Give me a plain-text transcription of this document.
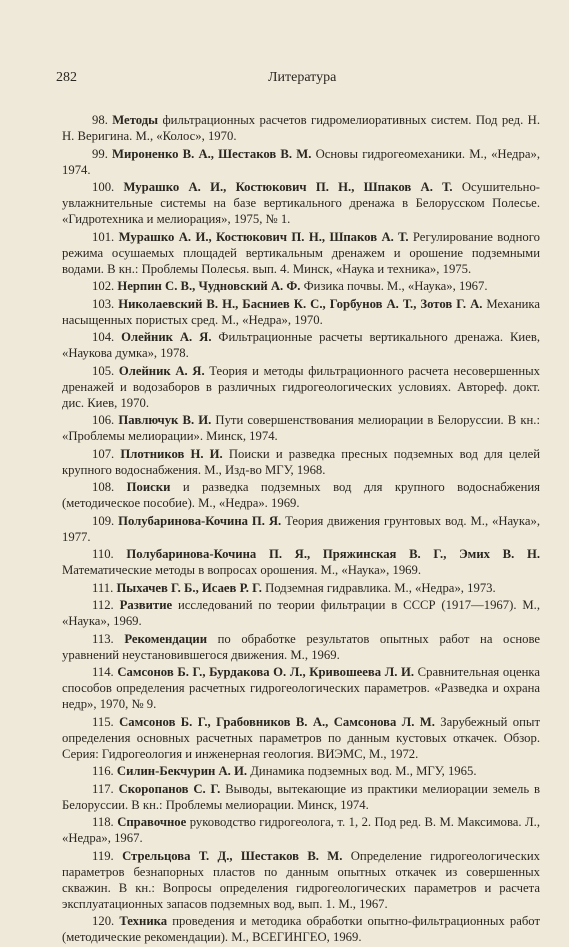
282	Литература

98. Методы фильтрационных расчетов гидромелиоративных систем. Под ред. Н. Н. Веригина. М., «Колос», 1970.

99. Мироненко В. А., Шестаков В. М. Основы гидрогеомеханики. М., «Недра», 1974.

100. Мурашко А. И., Костюкович П. Н., Шпаков А. Т. Осушительно-увлажнительные системы на базе вертикального дренажа в Белорусском Полесье. «Гидротехника и мелиорация», 1975, № 1.

101. Мурашко А. И., Костюкович П. Н., Шпаков А. Т. Регулирование водного режима осушаемых площадей вертикальным дренажем и орошение подземными водами. В кн.: Проблемы Полесья. вып. 4. Минск, «Наука и техника», 1975.

102. Нерпин С. В., Чудновский А. Ф. Физика почвы. М., «Наука», 1967.

103. Николаевский В. Н., Басниев К. С., Горбунов А. Т., Зотов Г. А. Механика насыщенных пористых сред. М., «Недра», 1970.

104. Олейник А. Я. Фильтрационные расчеты вертикального дренажа. Киев, «Наукова думка», 1978.

105. Олейник А. Я. Теория и методы фильтрационного расчета несовершенных дренажей и водозаборов в различных гидрогеологических условиях. Автореф. докт. дис. Киев, 1970.

106. Павлючук В. И. Пути совершенствования мелиорации в Белоруссии. В кн.: «Проблемы мелиорации». Минск, 1974.

107. Плотников Н. И. Поиски и разведка пресных подземных вод для целей крупного водоснабжения. М., Изд-во МГУ, 1968.

108. Поиски и разведка подземных вод для крупного водоснабжения (методическое пособие). М., «Недра». 1969.

109. Полубаринова-Кочина П. Я. Теория движения грунтовых вод. М., «Наука», 1977.

110. Полубаринова-Кочина П. Я., Пряжинская В. Г., Эмих В. Н. Математические методы в вопросах орошения. М., «Наука», 1969.

111. Пыхачев Г. Б., Исаев Р. Г. Подземная гидравлика. М., «Недра», 1973.

112. Развитие исследований по теории фильтрации в СССР (1917—1967). М., «Наука», 1969.

113. Рекомендации по обработке результатов опытных работ на основе уравнений неустановившегося движения. М., 1969.

114. Самсонов Б. Г., Бурдакова О. Л., Кривошеева Л. И. Сравнительная оценка способов определения расчетных гидрогеологических параметров. «Разведка и охрана недр», 1970, № 9.

115. Самсонов Б. Г., Грабовников В. А., Самсонова Л. М. Зарубежный опыт определения основных расчетных параметров по данным кустовых откачек. Обзор. Серия: Гидрогеология и инженерная геология. ВИЭМС, М., 1972.

116. Силин-Бекчурин А. И. Динамика подземных вод. М., МГУ, 1965.

117. Скоропанов С. Г. Выводы, вытекающие из практики мелиорации земель в Белоруссии. В кн.: Проблемы мелиорации. Минск, 1974.

118. Справочное руководство гидрогеолога, т. 1, 2. Под ред. В. М. Максимова. Л., «Недра», 1967.

119. Стрельцова Т. Д., Шестаков В. М. Определение гидрогеологических параметров безнапорных пластов по данным опытных откачек из совершенных скважин. В кн.: Вопросы определения гидрогеологических параметров и расчета эксплуатационных запасов подземных вод, вып. 1. М., 1967.

120. Техника проведения и методика обработки опытно-фильтрационных работ (методические рекомендации). М., ВСЕГИНГЕО, 1969.
